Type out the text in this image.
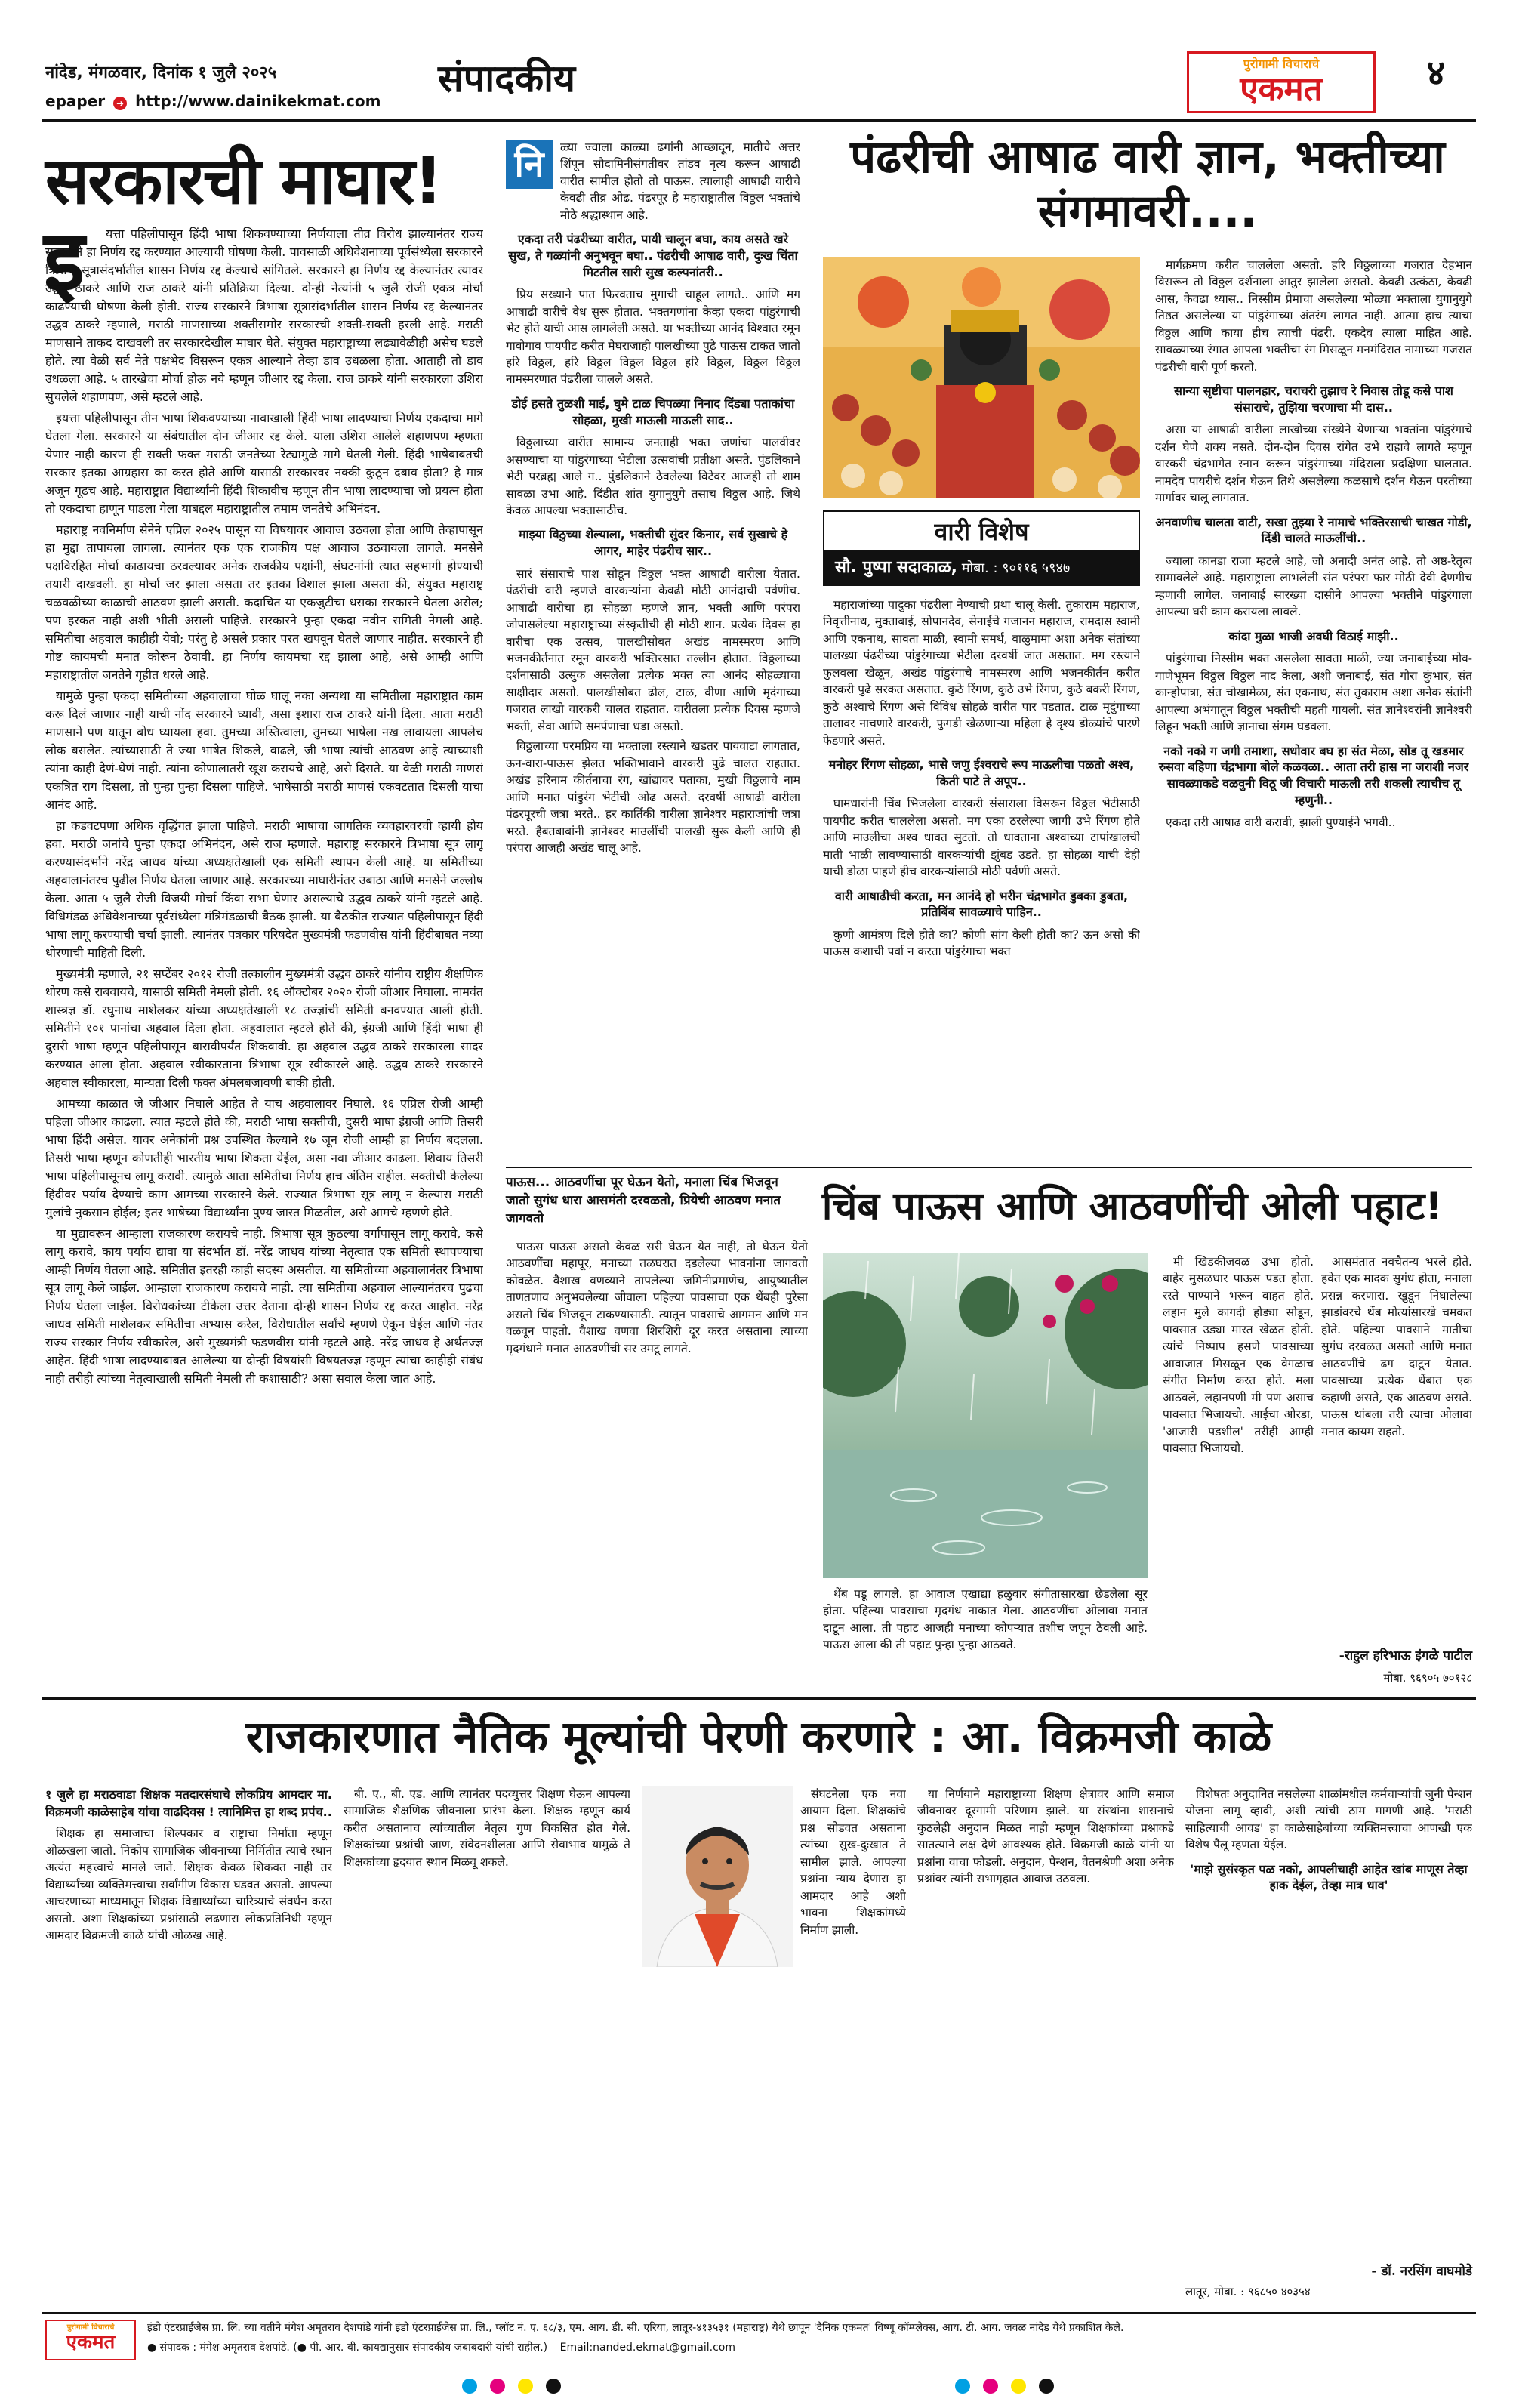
नांदेड, मंगळवार, दिनांक १ जुलै २०२५
epaper ➜ http://www.dainikekmat.com
संपादकीय	पुरोगामी विचाराचे
एकमत	४
सरकारची माघार!
इ	यत्ता पहिलीपासून हिंदी भाषा शिकवण्याच्या निर्णयाला तीव्र विरोध झाल्यानंतर राज्य सरकारने हा निर्णय रद्द करण्यात आल्याची घोषणा केली. पावसाळी अधिवेशनाच्या पूर्वसंध्येला सरकारने त्रिभाषा सूत्रासंदर्भातील शासन निर्णय रद्द केल्याचे सांगितले. सरकारने हा निर्णय रद्द केल्यानंतर त्यावर उद्धव ठाकरे आणि राज ठाकरे यांनी प्रतिक्रिया दिल्या. दोन्ही नेत्यांनी ५ जुलै रोजी एकत्र मोर्चा काढण्याची घोषणा केली होती. राज्य सरकारने त्रिभाषा सूत्रासंदर्भातील शासन निर्णय रद्द केल्यानंतर उद्धव ठाकरे म्हणाले, मराठी माणसाच्या शक्तीसमोर सरकारची शक्ती-सक्ती हरली आहे. मराठी माणसाने ताकद दाखवली तर सरकारदेखील माघार घेते. संयुक्त महाराष्ट्राच्या लढ्यावेळीही असेच घडले होते. त्या वेळी सर्व नेते पक्षभेद विसरून एकत्र आल्याने तेव्हा डाव उधळला होता. आताही तो डाव उधळला आहे. ५ तारखेचा मोर्चा होऊ नये म्हणून जीआर रद्द केला. राज ठाकरे यांनी सरकारला उशिरा सुचलेले शहाणपण, असे म्हटले आहे.

इयत्ता पहिलीपासून तीन भाषा शिकवण्याच्या नावाखाली हिंदी भाषा लादण्याचा निर्णय एकदाचा मागे घेतला गेला. सरकारने या संबंधातील दोन जीआर रद्द केले. याला उशिरा आलेले शहाणपण म्हणता येणार नाही कारण ही सक्ती फक्त मराठी जनतेच्या रेट्यामुळे मागे घेतली गेली. हिंदी भाषेबाबतची सरकार इतका आग्रहास का करत होते आणि यासाठी सरकारवर नक्की कुठून दबाव होता? हे मात्र अजून गूढच आहे. महाराष्ट्रात विद्यार्थ्यांनी हिंदी शिकावीच म्हणून तीन भाषा लादण्याचा जो प्रयत्न होता तो एकदाचा हाणून पाडला गेला याबद्दल महाराष्ट्रातील तमाम जनतेचे अभिनंदन.

महाराष्ट्र नवनिर्माण सेनेने एप्रिल २०२५ पासून या विषयावर आवाज उठवला होता आणि तेव्हापासून हा मुद्दा तापायला लागला. त्यानंतर एक एक राजकीय पक्ष आवाज उठवायला लागले. मनसेने पक्षविरहित मोर्चा काढायचा ठरवल्यावर अनेक राजकीय पक्षांनी, संघटनांनी त्यात सहभागी होण्याची तयारी दाखवली. हा मोर्चा जर झाला असता तर इतका विशाल झाला असता की, संयुक्त महाराष्ट्र चळवळीच्या काळाची आठवण झाली असती. कदाचित या एकजुटीचा धसका सरकारने घेतला असेल; पण हरकत नाही अशी भीती असली पाहिजे. सरकारने पुन्हा एकदा नवीन समिती नेमली आहे. समितीचा अहवाल काहीही येवो; परंतु हे असले प्रकार परत खपवून घेतले जाणार नाहीत. सरकारने ही गोष्ट कायमची मनात कोरून ठेवावी. हा निर्णय कायमचा रद्द झाला आहे, असे आम्ही आणि महाराष्ट्रातील जनतेने गृहीत धरले आहे.

यामुळे पुन्हा एकदा समितीच्या अहवालाचा घोळ घालू नका अन्यथा या समितीला महाराष्ट्रात काम करू दिलं जाणार नाही याची नोंद सरकारने घ्यावी, असा इशारा राज ठाकरे यांनी दिला. आता मराठी माणसाने पण यातून बोध घ्यायला हवा. तुमच्या अस्तित्वाला, तुमच्या भाषेला नख लावायला आपलेच लोक बसलेत. त्यांच्यासाठी ते ज्या भाषेत शिकले, वाढले, जी भाषा त्यांची आठवण आहे त्याच्याशी त्यांना काही देणं-घेणं नाही. त्यांना कोणालातरी खूश करायचे आहे, असे दिसते. या वेळी मराठी माणसं एकत्रित राग दिसला, तो पुन्हा पुन्हा दिसला पाहिजे. भाषेसाठी मराठी माणसं एकवटतात दिसली याचा आनंद आहे.

हा कडवटपणा अधिक वृद्धिंगत झाला पाहिजे. मराठी भाषाचा जागतिक व्यवहारवरची व्हायी होय हवा. मराठी जनांचे पुन्हा एकदा अभिनंदन, असे राज म्हणाले. महाराष्ट्र सरकारने त्रिभाषा सूत्र लागू करण्यासंदर्भाने नरेंद्र जाधव यांच्या अध्यक्षतेखाली एक समिती स्थापन केली आहे. या समितीच्या अहवालानंतरच पुढील निर्णय घेतला जाणार आहे. सरकारच्या माघारीनंतर उबाठा आणि मनसेने जल्लोष केला. आता ५ जुलै रोजी विजयी मोर्चा किंवा सभा घेणार असल्याचे उद्धव ठाकरे यांनी म्हटले आहे. विधिमंडळ अधिवेशनाच्या पूर्वसंध्येला मंत्रिमंडळाची बैठक झाली. या बैठकीत राज्यात पहिलीपासून हिंदी भाषा लागू करण्याची चर्चा झाली. त्यानंतर पत्रकार परिषदेत मुख्यमंत्री फडणवीस यांनी हिंदीबाबत नव्या धोरणाची माहिती दिली.

मुख्यमंत्री म्हणाले, २१ सप्टेंबर २०१२ रोजी तत्कालीन मुख्यमंत्री उद्धव ठाकरे यांनीच राष्ट्रीय शैक्षणिक धोरण कसे राबवायचे, यासाठी समिती नेमली होती. १६ ऑक्टोबर २०२० रोजी जीआर निघाला. नामवंत शास्त्रज्ञ डॉ. रघुनाथ माशेलकर यांच्या अध्यक्षतेखाली १८ तज्ज्ञांची समिती बनवण्यात आली होती. समितीने १०१ पानांचा अहवाल दिला होता. अहवालात म्हटले होते की, इंग्रजी आणि हिंदी भाषा ही दुसरी भाषा म्हणून पहिलीपासून बारावीपर्यंत शिकवावी. हा अहवाल उद्धव ठाकरे सरकारला सादर करण्यात आला होता. अहवाल स्वीकारताना त्रिभाषा सूत्र स्वीकारले आहे. उद्धव ठाकरे सरकारने अहवाल स्वीकारला, मान्यता दिली फक्त अंमलबजावणी बाकी होती.

आमच्या काळात जे जीआर निघाले आहेत ते याच अहवालावर निघाले. १६ एप्रिल रोजी आम्ही पहिला जीआर काढला. त्यात म्हटले होते की, मराठी भाषा सक्तीची, दुसरी भाषा इंग्रजी आणि तिसरी भाषा हिंदी असेल. यावर अनेकांनी प्रश्न उपस्थित केल्याने १७ जून रोजी आम्ही हा निर्णय बदलला. तिसरी भाषा म्हणून कोणतीही भारतीय भाषा शिकता येईल, असा नवा जीआर काढला. शिवाय तिसरी भाषा पहिलीपासूनच लागू करावी. त्यामुळे आता समितीचा निर्णय हाच अंतिम राहील. सक्तीची केलेल्या हिंदीवर पर्याय देण्याचे काम आमच्या सरकारने केले. राज्यात त्रिभाषा सूत्र लागू न केल्यास मराठी मुलांचे नुकसान होईल; इतर भाषेच्या विद्यार्थ्यांना पुण्य जास्त मिळतील, असे आमचे म्हणणे होते.

या मुद्यावरून आम्हाला राजकारण करायचे नाही. त्रिभाषा सूत्र कुठल्या वर्गापासून लागू करावे, कसे लागू करावे, काय पर्याय द्यावा या संदर्भात डॉ. नरेंद्र जाधव यांच्या नेतृत्वात एक समिती स्थापण्याचा आम्ही निर्णय घेतला आहे. समितीत इतरही काही सदस्य असतील. या समितीच्या अहवालानंतर त्रिभाषा सूत्र लागू केले जाईल. आम्हाला राजकारण करायचे नाही. त्या समितीचा अहवाल आल्यानंतरच पुढचा निर्णय घेतला जाईल. विरोधकांच्या टीकेला उत्तर देताना दोन्ही शासन निर्णय रद्द करत आहोत. नरेंद्र जाधव समिती माशेलकर समितीचा अभ्यास करेल, विरोधातील सर्वांचे म्हणणे ऐकून घेईल आणि नंतर राज्य सरकार निर्णय स्वीकारेल, असे मुख्यमंत्री फडणवीस यांनी म्हटले आहे. नरेंद्र जाधव हे अर्थतज्ज्ञ आहेत. हिंदी भाषा लादण्याबाबत आलेल्या या दोन्ही विषयांसी विषयतज्ज्ञ म्हणून त्यांचा काहीही संबंध नाही तरीही त्यांच्या नेतृत्वाखाली समिती नेमली ती कशासाठी? असा सवाल केला जात आहे.

नि	ळ्या ज्वाला काळ्या ढगांनी आच्छादून, मातीचे अत्तर शिंपून सौदामिनीसंगतीवर तांडव नृत्य करून आषाढी वारीत सामील होतो तो पाऊस. त्यालाही आषाढी वारीचे केवढी तीव्र ओढ. पंढरपूर हे महाराष्ट्रातील विठ्ठल भक्तांचे मोठे श्रद्धास्थान आहे.

एकदा तरी पंढरीच्या वारीत, पायी चालून बघा, काय असते खरे सुख, ते गळ्यांनी अनुभवून बघा.. पंढरीची आषाढ वारी, दुःख चिंता मिटतील सारी सुख कल्पनांतरी..

प्रिय सख्याने पात फिरवताच मुगाची चाहूल लागते.. आणि मग आषाढी वारीचे वेध सुरू होतात. भक्तगणांना केव्हा एकदा पांडुरंगाची भेट होते याची आस लागलेली असते. या भक्तीच्या आनंद विश्वात रमून गावोगाव पायपीट करीत मेघराजाही पालखीच्या पुढे पाऊस टाकत जातो हरि विठ्ठल, हरि विठ्ठल विठ्ठल विठ्ठल हरि विठ्ठल, विठ्ठल विठ्ठल नामस्मरणात पंढरीला चालले असते.

डोई हसते तुळशी माई, घुमे टाळ चिपळ्या निनाद दिंड्या पताकांचा सोहळा, मुखी माऊली माऊली साद..

विठ्ठलाच्या वारीत सामान्य जनताही भक्त जणांचा पालवीवर असण्याचा या पांडुरंगाच्या भेटीला उत्सवांची प्रतीक्षा असते. पुंडलिकाने भेटी परब्रह्म आले ग.. पुंडलिकाने ठेवलेल्या विटेवर आजही तो शाम सावळा उभा आहे. दिंडीत शांत युगानुयुगे तसाच विठ्ठल आहे. जिथे केवळ आपल्या भक्तासाठीच.

माझ्या विठुच्या शेल्याला, भक्तीची सुंदर किनार, सर्व सुखाचे हे आगर, माहेर पंढरीच सार..

सारं संसाराचे पाश सोडून विठ्ठल भक्त आषाढी वारीला येतात. पंढरीची वारी म्हणजे वारकऱ्यांना केवढी मोठी आनंदाची पर्वणीच. आषाढी वारीचा हा सोहळा म्हणजे ज्ञान, भक्ती आणि परंपरा जोपासलेल्या महाराष्ट्राच्या संस्कृतीची ही मोठी शान. प्रत्येक दिवस हा वारीचा एक उत्सव, पालखीसोबत अखंड नामस्मरण आणि भजनकीर्तनात रमून वारकरी भक्तिरसात तल्लीन होतात. विठ्ठलाच्या दर्शनासाठी उत्सुक असलेला प्रत्येक भक्त त्या आनंद सोहळ्याचा साक्षीदार असतो. पालखीसोबत ढोल, टाळ, वीणा आणि मृदंगाच्या गजरात लाखो वारकरी चालत राहतात. वारीतला प्रत्येक दिवस म्हणजे भक्ती, सेवा आणि समर्पणाचा धडा असतो.

विठ्ठलाच्या परमप्रिय या भक्ताला रस्त्याने खडतर पायवाटा लागतात, ऊन-वारा-पाऊस झेलत भक्तिभावाने वारकरी पुढे चालत राहतात. अखंड हरिनाम कीर्तनाचा रंग, खांद्यावर पताका, मुखी विठ्ठलाचे नाम आणि मनात पांडुरंग भेटीची ओढ असते. दरवर्षी आषाढी वारीला पंढरपूरची जत्रा भरते.. हर कार्तिकी वारीला ज्ञानेश्वर महाराजांची जत्रा भरते. हैबतबाबांनी ज्ञानेश्वर माउलींची पालखी सुरू केली आणि ही परंपरा आजही अखंड चालू आहे.

पंढरीची आषाढ वारी ज्ञान, भक्तीच्या संगमावरी....
वारी विशेष
सौ. पुष्पा सदाकाळ, मोबा. : ९०११६ ५९४७

महाराजांच्या पादुका पंढरीला नेण्याची प्रथा चालू केली. तुकाराम महाराज, निवृत्तीनाथ, मुक्ताबाई, सोपानदेव, सेनाईचे गजानन महाराज, रामदास स्वामी आणि एकनाथ, सावता माळी, स्वामी समर्थ, वाळुमामा अशा अनेक संतांच्या पालख्या पंढरीच्या पांडुरंगाच्या भेटीला दरवर्षी जात असतात. मग रस्त्याने फुलवला खेळून, अखंड पांडुरंगाचे नामस्मरण आणि भजनकीर्तन करीत वारकरी पुढे सरकत असतात. कुठे रिंगण, कुठे उभे रिंगण, कुठे बकरी रिंगण, कुठे अश्वाचे रिंगण असे विविध सोहळे वारीत पार पडतात. टाळ मृदुंगाच्या तालावर नाचणारे वारकरी, फुगडी खेळणाऱ्या महिला हे दृश्य डोळ्यांचे पारणे फेडणारे असते.

मनोहर रिंगण सोहळा, भासे जणु ईश्वराचे रूप माऊलीचा पळतो अश्व, किती पाटे ते अपूप..

घामधारांनी चिंब भिजलेला वारकरी संसाराला विसरून विठ्ठल भेटीसाठी पायपीट करीत चाललेला असतो. मग एका ठरलेल्या जागी उभे रिंगण होते आणि माउलीचा अश्व धावत सुटतो. तो धावताना अश्वाच्या टापांखालची माती भाळी लावण्यासाठी वारकऱ्यांची झुंबड उडते. हा सोहळा याची देही याची डोळा पाहणे हीच वारकऱ्यांसाठी मोठी पर्वणी असते.

वारी आषाढीची करता, मन आनंदे हो भरीन चंद्रभागेत डुबका डुबता, प्रतिबिंब सावळ्याचे पाहिन..

कुणी आमंत्रण दिले होते का? कोणी सांग केली होती का? ऊन असो की पाऊस कशाची पर्वा न करता पांडुरंगाचा भक्त

मार्गक्रमण करीत चाललेला असतो. हरि विठ्ठलाच्या गजरात देहभान विसरून तो विठ्ठल दर्शनाला आतुर झालेला असतो. केवढी उत्कंठा, केवढी आस, केवढा ध्यास.. निस्सीम प्रेमाचा असलेल्या भोळ्या भक्ताला युगानुयुगे तिष्ठत असलेल्या या पांडुरंगाच्या अंतरंग लागत नाही. आत्मा हाच त्याचा विठ्ठल आणि काया हीच त्याची पंढरी. एकदेव त्याला माहित आहे. सावळ्याच्या रंगात आपला भक्तीचा रंग मिसळून मनमंदिरात नामाच्या गजरात पंढरीची वारी पूर्ण करतो.

सान्या सृष्टीचा पालनहार, चराचरी तुझाच रे निवास तोडू कसे पाश संसाराचे, तुझिया चरणाचा मी दास..

असा या आषाढी वारीला लाखोच्या संख्येने येणाऱ्या भक्तांना पांडुरंगाचे दर्शन घेणे शक्य नसते. दोन-दोन दिवस रांगेत उभे राहावे लागते म्हणून वारकरी चंद्रभागेत स्नान करून पांडुरंगाच्या मंदिराला प्रदक्षिणा घालतात. नामदेव पायरीचे दर्शन घेऊन तिथे असलेल्या कळसाचे दर्शन घेऊन परतीच्या मार्गावर चालू लागतात.

अनवाणीच चालता वाटी, सखा तुझ्या रे नामाचे भक्तिरसाची चाखत गोडी, दिंडी चालते माऊलींची..

ज्याला कानडा राजा म्हटले आहे, जो अनादी अनंत आहे. तो अष्ठ-रेतृत्व सामावलेले आहे. महाराष्ट्राला लाभलेली संत परंपरा फार मोठी देवी देणगीच म्हणावी लागेल. जनाबाई सारख्या दासीने आपल्या भक्तीने पांडुरंगाला आपल्या घरी काम करायला लावले.

कांदा मुळा भाजी अवघी विठाई माझी..

पांडुरंगाचा निस्सीम भक्त असलेला सावता माळी, ज्या जनाबाईच्या मोव-गाणेभूमन विठ्ठल विठ्ठल नाद केला, अशी जनाबाई, संत गोरा कुंभार, संत कान्होपात्रा, संत चोखामेळा, संत एकनाथ, संत तुकाराम अशा अनेक संतांनी आपल्या अभंगातून विठ्ठल भक्तीची महती गायली. संत ज्ञानेश्वरांनी ज्ञानेश्वरी लिहून भक्ती आणि ज्ञानाचा संगम घडवला.

नको नको ग जगी तमाशा, सधोवार बघ हा संत मेळा, सोड तू खडमार रुसवा बहिणा चंद्रभागा बोले कळवळा.. आता तरी हास ना जराशी नजर सावळ्याकडे वळवुनी विठू जी विचारी माऊली तरी शकली त्याचीच तू म्हणुनी..

एकदा तरी आषाढ वारी करावी, झाली पुण्याईने भगवी..

पाऊस... आठवणींचा पूर घेऊन येतो, मनाला चिंब भिजवून जातो सुगंध धारा आसमंती दरवळतो, प्रियेची आठवण मनात जागवतो	चिंब पाऊस आणि आठवणींची ओली पहाट!

पाऊस पाऊस असतो केवळ सरी घेऊन येत नाही, तो घेऊन येतो आठवणींचा महापूर, मनाच्या तळघरात दडलेल्या भावनांना जागवतो कोवळेत. वैशाख वणव्याने तापलेल्या जमिनीप्रमाणेच, आयुष्यातील ताणतणाव अनुभवलेल्या जीवाला पहिल्या पावसाचा एक थेंबही पुरेसा असतो चिंब भिजवून टाकण्यासाठी. त्यातून पावसाचे आगमन आणि मन वळवून पाहतो. वैशाख वणवा शिरशिरी दूर करत असताना त्याच्या मृदगंधाने मनात आठवणींची सर उमटू लागते.

थेंब पडू लागले. हा आवाज एखाद्या हळुवार संगीतासारखा छेडलेला सूर होता. पहिल्या पावसाचा मृदगंध नाकात गेला. आठवणींचा ओलावा मनात दाटून आला. ती पहाट आजही मनाच्या कोपऱ्यात तशीच जपून ठेवली आहे. पाऊस आला की ती पहाट पुन्हा पुन्हा आठवते.

मी खिडकीजवळ उभा होतो. बाहेर मुसळधार पाऊस पडत होता. रस्ते पाण्याने भरून वाहत होते. लहान मुले कागदी होड्या सोडून, पावसात उड्या मारत खेळत होती. त्यांचे निष्पाप हसणे पावसाच्या आवाजात मिसळून एक वेगळाच संगीत निर्माण करत होते. मला आठवले, लहानपणी मी पण असाच पावसात भिजायचो. आईचा ओरडा, 'आजारी पडशील' तरीही आम्ही पावसात भिजायचो.

आसमंतात नवचैतन्य भरले होते. हवेत एक मादक सुगंध होता, मनाला प्रसन्न करणारा. खुडून निघालेल्या झाडांवरचे थेंब मोत्यांसारखे चमकत होते. पहिल्या पावसाने मातीचा सुगंध दरवळत असतो आणि मनात आठवणींचे ढग दाटून येतात. पावसाच्या प्रत्येक थेंबात एक कहाणी असते, एक आठवण असते. पाऊस थांबला तरी त्याचा ओलावा मनात कायम राहतो.

-राहुल हरिभाऊ इंगळे पाटील
मोबा. ९६९०५ ७०१२८
राजकारणात नैतिक मूल्यांची पेरणी करणारे : आ. विक्रमजी काळे
१ जुलै हा मराठवाडा शिक्षक मतदारसंघाचे लोकप्रिय आमदार मा. विक्रमजी काळेसाहेब यांचा वाढदिवस ! त्यानिमित्त हा शब्द प्रपंच..

शिक्षक हा समाजाचा शिल्पकार व राष्ट्राचा निर्माता म्हणून ओळखला जातो. निकोप सामाजिक जीवनाच्या निर्मितीत त्याचे स्थान अत्यंत महत्त्वाचे मानले जाते. शिक्षक केवळ शिकवत नाही तर विद्यार्थ्यांच्या व्यक्तिमत्त्वाचा सर्वांगीण विकास घडवत असतो. आपल्या आचरणाच्या माध्यमातून शिक्षक विद्यार्थ्यांच्या चारित्र्याचे संवर्धन करत असतो. अशा शिक्षकांच्या प्रश्नांसाठी लढणारा लोकप्रतिनिधी म्हणून आमदार विक्रमजी काळे यांची ओळख आहे.

बी. ए., बी. एड. आणि त्यानंतर पदव्युत्तर शिक्षण घेऊन आपल्या सामाजिक शैक्षणिक जीवनाला प्रारंभ केला. शिक्षक म्हणून कार्य करीत असतानाच त्यांच्यातील नेतृत्व गुण विकसित होत गेले. शिक्षकांच्या प्रश्नांची जाण, संवेदनशीलता आणि सेवाभाव यामुळे ते शिक्षकांच्या हृदयात स्थान मिळवू शकले.

संघटनेला एक नवा आयाम दिला. शिक्षकांचे प्रश्न सोडवत असताना त्यांच्या सुख-दुःखात ते सामील झाले. आपल्या प्रश्नांना न्याय देणारा हा आमदार आहे अशी भावना शिक्षकांमध्ये निर्माण झाली.

या निर्णयाने महाराष्ट्राच्या शिक्षण क्षेत्रावर आणि समाज जीवनावर दूरगामी परिणाम झाले. या संस्थांना शासनाचे कुठलेही अनुदान मिळत नाही म्हणून शिक्षकांच्या प्रश्नाकडे सातत्याने लक्ष देणे आवश्यक होते. विक्रमजी काळे यांनी या प्रश्नांना वाचा फोडली. अनुदान, पेन्शन, वेतनश्रेणी अशा अनेक प्रश्नांवर त्यांनी सभागृहात आवाज उठवला.

विशेषतः अनुदानित नसलेल्या शाळांमधील कर्मचाऱ्यांची जुनी पेन्शन योजना लागू व्हावी, अशी त्यांची ठाम मागणी आहे. 'मराठी साहित्याची आवड' हा काळेसाहेबांच्या व्यक्तिमत्त्वाचा आणखी एक विशेष पैलू म्हणता येईल.

'माझे सुसंस्कृत पळ नको, आपलीचाही आहेत खांब माणूस तेव्हा हाक देईल, तेव्हा मात्र धाव'
- डॉ. नरसिंग वाघमोडे
लातूर, मोबा. : ९६८५० ४०३५४
पुरोगामी विचाराचे
एकमत
इंडो एंटरप्राईजेस प्रा. लि. च्या वतीने मंगेश अमृतराव देशपांडे यांनी इंडो एंटरप्राईजेस प्रा. लि., प्लॉट नं. ए. ६८/३, एम. आय. डी. सी. एरिया, लातूर-४१३५३१ (महाराष्ट्र) येथे छापून 'दैनिक एकमत' विष्णू कॉम्प्लेक्स, आय. टी. आय. जवळ नांदेड येथे प्रकाशित केले.
● संपादक : मंगेश अमृतराव देशपांडे. (● पी. आर. बी. कायद्यानुसार संपादकीय जबाबदारी यांची राहील.) Email:nanded.ekmat@gmail.com
